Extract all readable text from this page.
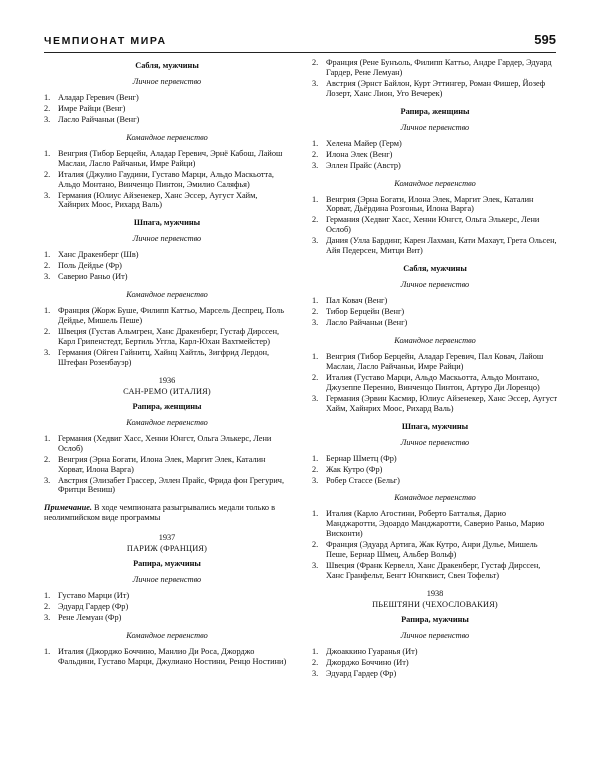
ЧЕМПИОНАТ МИРА	595
Сабля, мужчины
Личное первенство
1. Аладар Геревич (Венг)
2. Имре Райци (Венг)
3. Ласло Райчаньи (Венг)
Командное первенство
1. Венгрия (Тибор Берцейн, Аладар Геревич, Эрнё Кабош, Лайош Маслаи, Ласло Райчаньи, Имре Райци)
2. Италия (Джулио Гаудини, Густаво Марци, Альдо Маскьотта, Альдо Монтано, Винченцо Пинтон, Эмилио Саляфья)
3. Германия (Юлиус Айзенекер, Ханс Эссер, Аугуст Хайм, Хайнрих Моос, Рихард Валь)
Шпага, мужчины
Личное первенство
1. Ханс Дракенберг (Шв)
2. Поль Дейдье (Фр)
3. Саверио Раньо (Ит)
Командное первенство
1. Франция (Жорж Буше, Филипп Каттьо, Марсель Деспрец, Поль Дейдье, Мишель Пеше)
2. Швеция (Густав Альмгрен, Ханс Дракенберг, Густаф Дирссен, Карл Грипенстедт, Бертиль Уггла, Карл-Юхан Вахтмейстер)
3. Германия (Ойген Гайнитц, Хайнц Хайтль, Зигфрид Лердон, Штефан Розенбауэр)
1936
САН-РЕМО (ИТАЛИЯ)
Рапира, женщины
Командное первенство
1. Германия (Хедвиг Хасс, Хенни Юнгст, Ольга Элькерс, Лени Ослоб)
2. Венгрия (Эрна Богати, Илона Элек, Маргит Элек, Каталин Хорват, Илона Варга)
3. Австрия (Элизабет Грассер, Эллен Прайс, Фрида фон Грегурич, Фритци Вениш)
Примечание. В ходе чемпионата разыгрывались медали только в неолимпийском виде программы
1937
ПАРИЖ (ФРАНЦИЯ)
Рапира, мужчины
Личное первенство
1. Густаво Марци (Ит)
2. Эдуард Гардер (Фр)
3. Рене Лемуан (Фр)
Командное первенство
1. Италия (Джорджо Боччино, Манлио Ди Роса, Джорджо Фальдини, Густаво Марци, Джулиано Ностини, Ренцо Ностини)
2. Франция (Рене Бунъоль, Филипп Каттьо, Андре Гардер, Эдуард Гардер, Рене Лемуан)
3. Австрия (Эрнст Байлон, Курт Эттингер, Роман Фишер, Йозеф Лозерт, Ханс Лион, Уго Вечерек)
Рапира, женщины
Личное первенство
1. Хелена Майер (Герм)
2. Илона Элек (Венг)
3. Эллен Прайс (Австр)
Командное первенство
1. Венгрия (Эрна Богати, Илона Элек, Маргит Элек, Каталин Хорват, Дьёрдина Розгоньи, Илона Варга)
2. Германия (Хедвиг Хасс, Хенни Юнгст, Ольга Элькерс, Лени Ослоб)
3. Дания (Улла Бардинг, Карен Лахман, Кати Махаут, Грета Ольсен, Айя Педерсен, Митци Вит)
Сабля, мужчины
Личное первенство
1. Пал Ковач (Венг)
2. Тибор Берцейн (Венг)
3. Ласло Райчаньи (Венг)
Командное первенство
1. Венгрия (Тибор Берцейн, Аладар Геревич, Пал Ковач, Лайош Маслаи, Ласло Райчаньи, Имре Райци)
2. Италия (Густаво Марци, Альдо Маскьотта, Альдо Монтано, Джузеппе Перенио, Винченцо Пинтон, Артуро Ди Лоренцо)
3. Германия (Эрвин Касмир, Юлиус Айзенекер, Ханс Эссер, Аугуст Хайм, Хайнрих Моос, Рихард Валь)
Шпага, мужчины
Личное первенство
1. Бернар Шметц (Фр)
2. Жак Кутро (Фр)
3. Робер Стассе (Бельг)
Командное первенство
1. Италия (Карло Агостини, Роберто Батталья, Дарио Манджаротти, Эдоардо Манджаротти, Саверио Раньо, Марио Висконти)
2. Франция (Эдуард Артига, Жак Кутро, Анри Дулье, Мишель Пеше, Бернар Шмец, Альбер Вольф)
3. Швеция (Франк Кервелл, Ханс Дракенберг, Густаф Дирссен, Ханс Гранфельт, Бенгт Юнгквист, Свен Тофельт)
1938
ПЬЕШТЯНИ (ЧЕХОСЛОВАКИЯ)
Рапира, мужчины
Личное первенство
1. Джоаккино Гуаранья (Ит)
2. Джорджо Боччино (Ит)
3. Эдуард Гардер (Фр)
